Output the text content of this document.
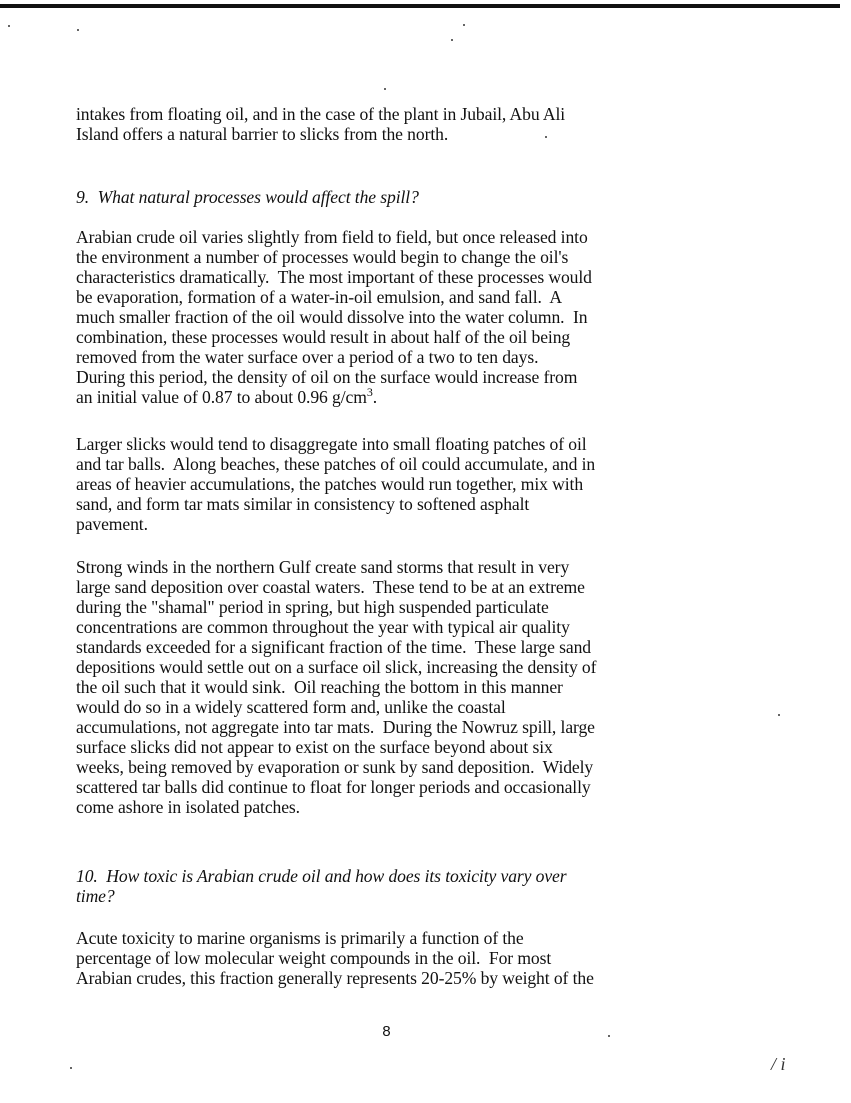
intakes from floating oil, and in the case of the plant in Jubail, Abu Ali
Island offers a natural barrier to slicks from the north.
9.  What natural processes would affect the spill?
Arabian crude oil varies slightly from field to field, but once released into
the environment a number of processes would begin to change the oil's
characteristics dramatically.  The most important of these processes would
be evaporation, formation of a water-in-oil emulsion, and sand fall.  A
much smaller fraction of the oil would dissolve into the water column.  In
combination, these processes would result in about half of the oil being
removed from the water surface over a period of a two to ten days.
During this period, the density of oil on the surface would increase from
an initial value of 0.87 to about 0.96 $g/cm^3$.
Larger slicks would tend to disaggregate into small floating patches of oil
and tar balls.  Along beaches, these patches of oil could accumulate, and in
areas of heavier accumulations, the patches would run together, mix with
sand, and form tar mats similar in consistency to softened asphalt
pavement.
Strong winds in the northern Gulf create sand storms that result in very
large sand deposition over coastal waters.  These tend to be at an extreme
during the "shamal" period in spring, but high suspended particulate
concentrations are common throughout the year with typical air quality
standards exceeded for a significant fraction of the time.  These large sand
depositions would settle out on a surface oil slick, increasing the density of
the oil such that it would sink.  Oil reaching the bottom in this manner
would do so in a widely scattered form and, unlike the coastal
accumulations, not aggregate into tar mats.  During the Nowruz spill, large
surface slicks did not appear to exist on the surface beyond about six
weeks, being removed by evaporation or sunk by sand deposition.  Widely
scattered tar balls did continue to float for longer periods and occasionally
come ashore in isolated patches.
10.  How toxic is Arabian crude oil and how does its toxicity vary over
time?
Acute toxicity to marine organisms is primarily a function of the
percentage of low molecular weight compounds in the oil.  For most
Arabian crudes, this fraction generally represents 20-25% by weight of the
8
/ i
